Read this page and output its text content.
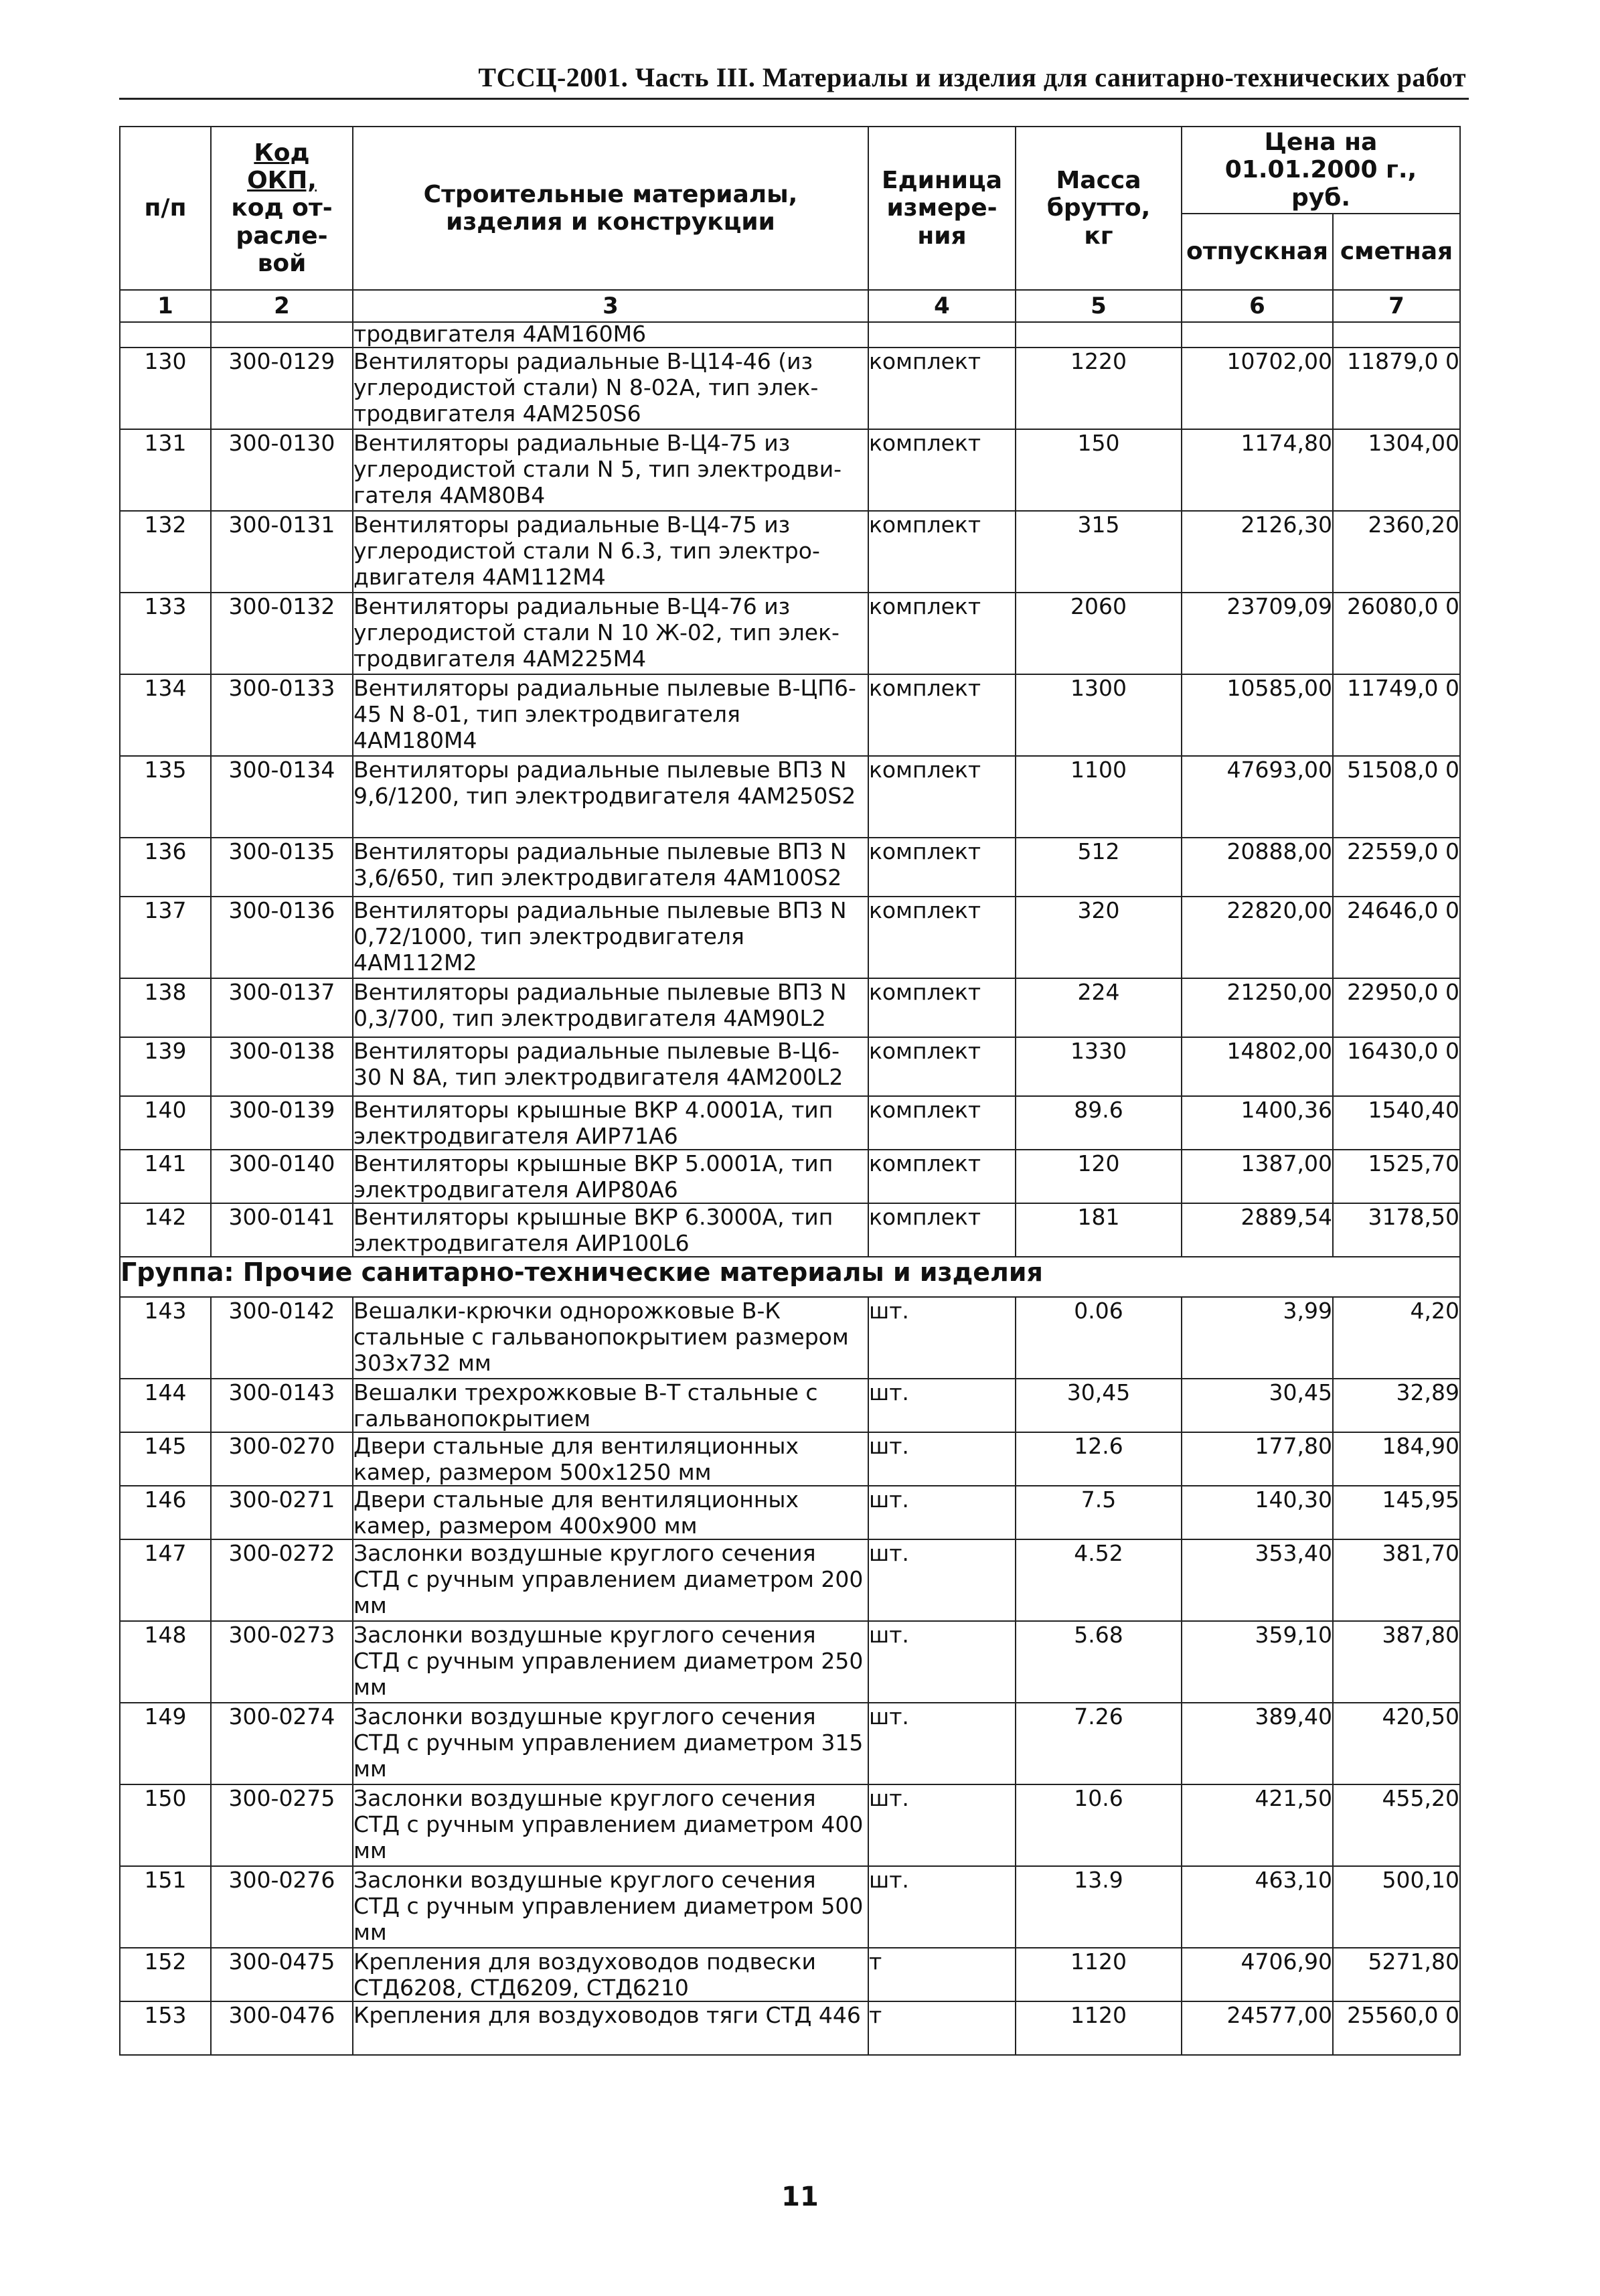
ТССЦ-2001. Часть III. Материалы и изделия для санитарно-технических работ
п/п	Код
ОКП,
код от-
расле-
вой	Строительные материалы, изделия и конструкции	Единица измере-ния	Масса брутто, кг	Цена на 01.01.2000 г., руб.	
					отпускная	сметная
1	2	3	4	5	6	7
		тродвигателя 4АМ160М6				
130	300-0129	Вентиляторы радиальные В-Ц14-46 (из углеродистой стали) N 8-02А, тип элек-тродвигателя 4АМ250S6	комплект	1220	10702,00	11879,0 0
131	300-0130	Вентиляторы радиальные В-Ц4-75 из углеродистой стали N 5, тип электродви-гателя 4АМ80В4	комплект	150	1174,80	1304,00
132	300-0131	Вентиляторы радиальные В-Ц4-75 из углеродистой стали N 6.3, тип электро-двигателя 4АМ112М4	комплект	315	2126,30	2360,20
133	300-0132	Вентиляторы радиальные В-Ц4-76 из углеродистой стали N 10 Ж-02, тип элек-тродвигателя 4АМ225М4	комплект	2060	23709,09	26080,0 0
134	300-0133	Вентиляторы радиальные пылевые В-ЦП6-45 N 8-01, тип электродвигателя 4АМ180М4	комплект	1300	10585,00	11749,0 0
135	300-0134	Вентиляторы радиальные пылевые ВП3 N 9,6/1200, тип электродвигателя 4АМ250S2	комплект	1100	47693,00	51508,0 0
136	300-0135	Вентиляторы радиальные пылевые ВП3 N 3,6/650, тип электродвигателя 4АМ100S2	комплект	512	20888,00	22559,0 0
137	300-0136	Вентиляторы радиальные пылевые ВП3 N 0,72/1000, тип электродвигателя 4АМ112М2	комплект	320	22820,00	24646,0 0
138	300-0137	Вентиляторы радиальные пылевые ВП3 N 0,3/700, тип электродвигателя 4АМ90L2	комплект	224	21250,00	22950,0 0
139	300-0138	Вентиляторы радиальные пылевые В-Ц6-30 N 8А, тип электродвигателя 4АМ200L2	комплект	1330	14802,00	16430,0 0
140	300-0139	Вентиляторы крышные ВКР 4.0001А, тип электродвигателя АИР71А6	комплект	89.6	1400,36	1540,40
141	300-0140	Вентиляторы крышные ВКР 5.0001А, тип электродвигателя АИР80А6	комплект	120	1387,00	1525,70
142	300-0141	Вентиляторы крышные ВКР 6.3000А, тип электродвигателя АИР100L6	комплект	181	2889,54	3178,50
Группа: Прочие санитарно-технические материалы и изделия						
143	300-0142	Вешалки-крючки однорожковые В-К стальные с гальванопокрытием размером 303х732 мм	шт.	0.06	3,99	4,20
144	300-0143	Вешалки трехрожковые В-Т стальные с гальванопокрытием	шт.	30,45	30,45	32,89
145	300-0270	Двери стальные для вентиляционных камер, размером 500х1250 мм	шт.	12.6	177,80	184,90
146	300-0271	Двери стальные для вентиляционных камер, размером 400х900 мм	шт.	7.5	140,30	145,95
147	300-0272	Заслонки воздушные круглого сечения СТД с ручным управлением диаметром 200 мм	шт.	4.52	353,40	381,70
148	300-0273	Заслонки воздушные круглого сечения СТД с ручным управлением диаметром 250 мм	шт.	5.68	359,10	387,80
149	300-0274	Заслонки воздушные круглого сечения СТД с ручным управлением диаметром 315 мм	шт.	7.26	389,40	420,50
150	300-0275	Заслонки воздушные круглого сечения СТД с ручным управлением диаметром 400 мм	шт.	10.6	421,50	455,20
151	300-0276	Заслонки воздушные круглого сечения СТД с ручным управлением диаметром 500 мм	шт.	13.9	463,10	500,10
152	300-0475	Крепления для воздуховодов подвески СТД6208, СТД6209, СТД6210	т	1120	4706,90	5271,80
153	300-0476	Крепления для воздуховодов тяги СТД 446	т	1120	24577,00	25560,0 0
11
